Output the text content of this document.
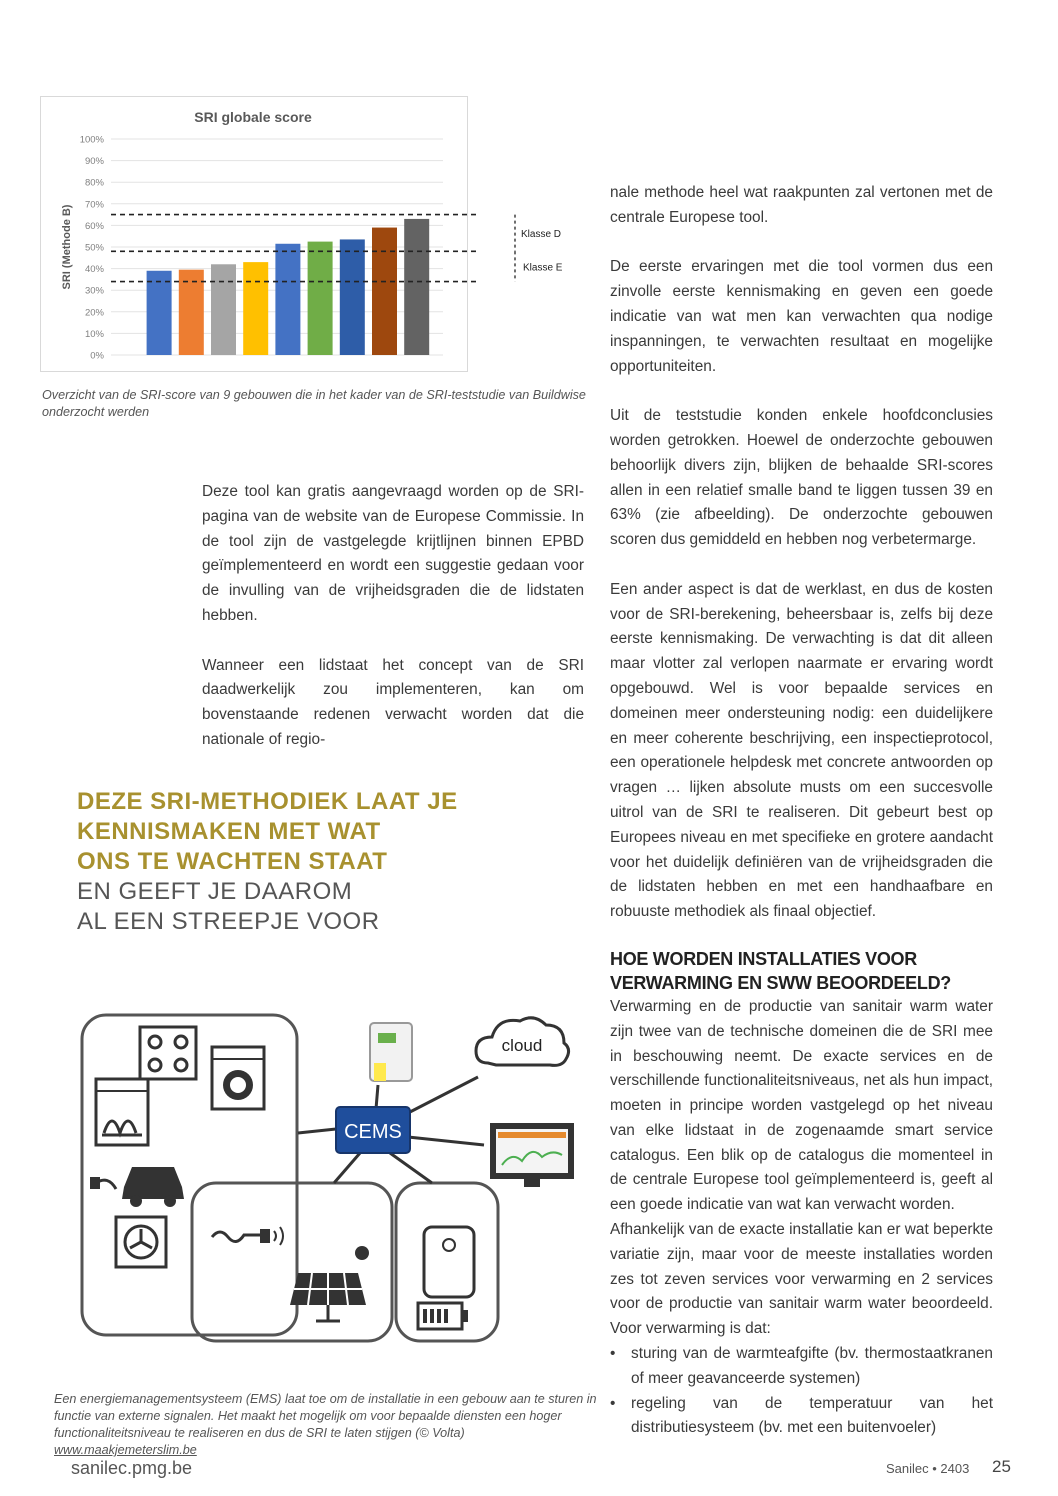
SRI globale score
SRI (Methode B)
0%
10%
20%
30%
40%
50%
60%
70%
80%
90%
100%
Klasse D
Klasse E
Overzicht van de SRI-score van 9 gebouwen die in het kader van de SRI-teststudie van Buildwise onderzocht werden

Deze tool kan gratis aangevraagd worden op de SRI-pagina van de website van de Europese Commissie. In de tool zijn de vastgelegde krijtlijnen binnen EPBD geïmplementeerd en wordt een suggestie gedaan voor de invulling van de vrijheidsgraden die de lidstaten hebben.

Wanneer een lidstaat het concept van de SRI daadwerkelijk zou implementeren, kan om bovenstaande redenen verwacht worden dat die nationale of regio-

DEZE SRI-METHODIEK LAAT JE
KENNISMAKEN MET WAT
ONS TE WACHTEN STAAT
EN GEEFT JE DAAROM
AL EEN STREEPJE VOOR
cloud
CEMS
Een energiemanagementsysteem (EMS) laat toe om de installatie in een gebouw aan te sturen in functie van externe signalen. Het maakt het mogelijk om voor bepaalde diensten een hoger functionaliteitsniveau te realiseren en dus de SRI te laten stijgen (© Volta) www.maakjemeterslim.be

nale methode heel wat raakpunten zal vertonen met de centrale Europese tool.

De eerste ervaringen met die tool vormen dus een zinvolle eerste kennismaking en geven een goede indicatie van wat men kan verwachten qua nodige inspanningen, te verwachten resultaat en mogelijke opportuniteiten.

Uit de teststudie konden enkele hoofdconclusies worden getrokken. Hoewel de onderzochte gebouwen behoorlijk divers zijn, blijken de behaalde SRI-scores allen in een relatief smalle band te liggen tussen 39 en 63% (zie afbeelding). De onderzochte gebouwen scoren dus gemiddeld en hebben nog verbetermarge.

Een ander aspect is dat de werklast, en dus de kosten voor de SRI-berekening, beheersbaar is, zelfs bij deze eerste kennismaking. De verwachting is dat dit alleen maar vlotter zal verlopen naarmate er ervaring wordt opgebouwd. Wel is voor bepaalde services en domeinen meer ondersteuning nodig: een duidelijkere en meer coherente beschrijving, een inspectieprotocol, een operationele helpdesk met concrete antwoorden op vragen … lijken absolute musts om een succesvolle uitrol van de SRI te realiseren. Dit gebeurt best op Europees niveau en met specifieke en grotere aandacht voor het duidelijk definiëren van de vrijheidsgraden die de lidstaten hebben en met een handhaafbare en robuuste methodiek als finaal objectief.

HOE WORDEN INSTALLATIES VOOR
VERWARMING EN SWW BEOORDEELD?

Verwarming en de productie van sanitair warm water zijn twee van de technische domeinen die de SRI mee in beschouwing neemt. De exacte services en de verschillende functionaliteitsniveaus, net als hun impact, moeten in principe worden vastgelegd op het niveau van elke lidstaat in de zogenaamde smart service catalogus. Een blik op de catalogus die momenteel in de centrale Europese tool geïmplementeerd is, geeft al een goede indicatie van wat kan verwacht worden.

Afhankelijk van de exacte installatie kan er wat beperkte variatie zijn, maar voor de meeste installaties worden zes tot zeven services voor verwarming en 2 services voor de productie van sanitair warm water beoordeeld. Voor verwarming is dat:

• sturing van de warmteafgifte (bv. thermostaatkranen of meer geavanceerde systemen)
• regeling van de temperatuur van het distributiesysteem (bv. met een buitenvoeler)
sanilec.pmg.be	Sanilec • 2403 25
